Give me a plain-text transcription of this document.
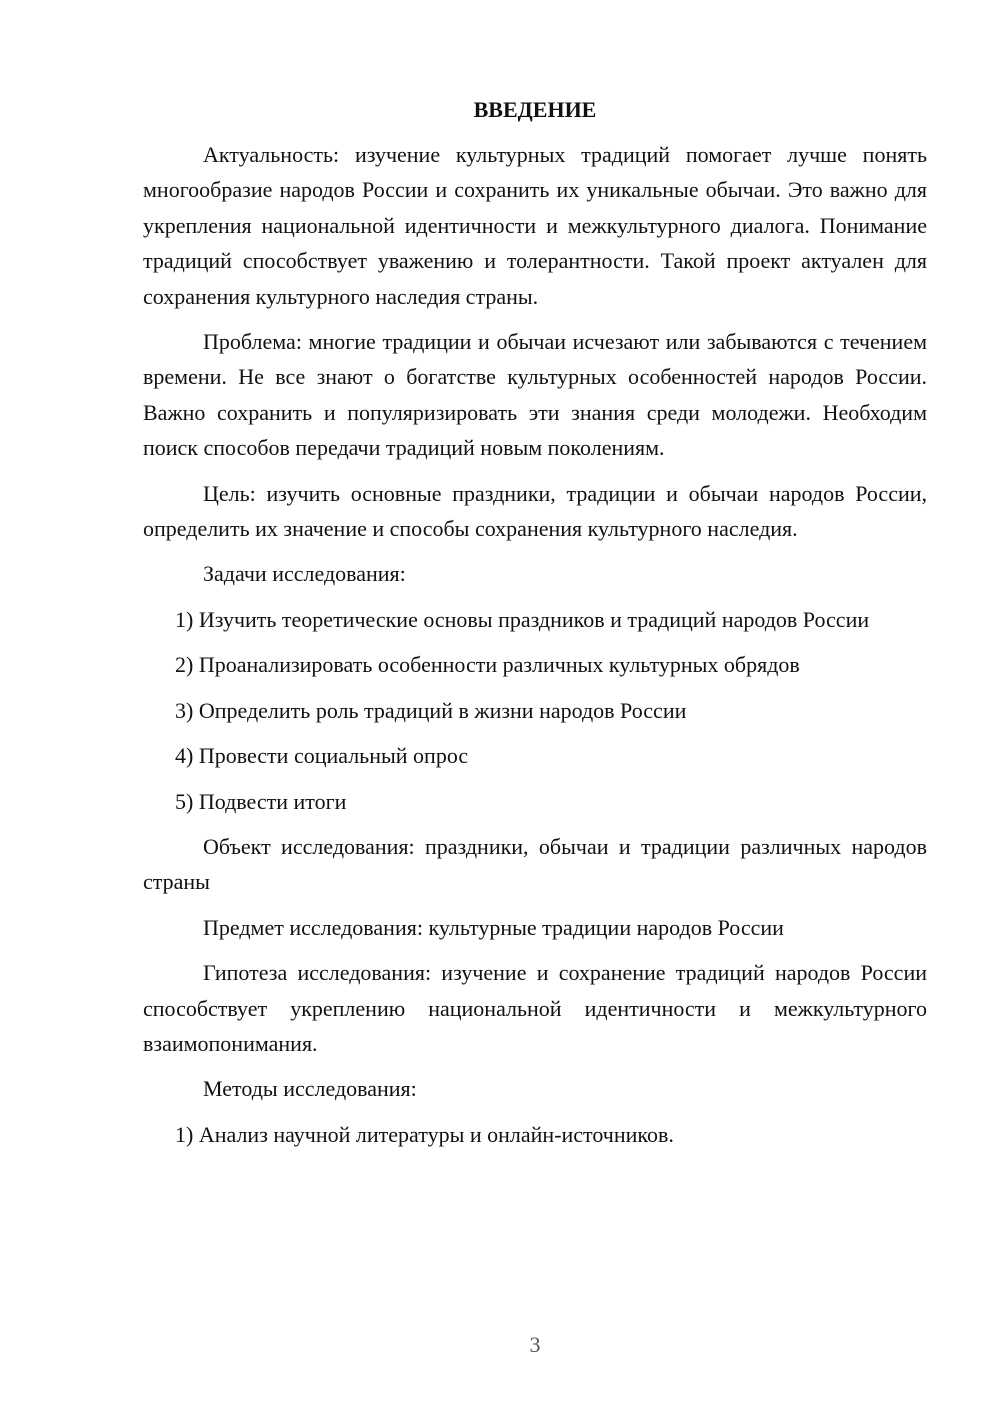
ВВЕДЕНИЕ

Актуальность: изучение культурных традиций помогает лучше понять многообразие народов России и сохранить их уникальные обычаи. Это важно для укрепления национальной идентичности и межкультурного диалога. Понимание традиций способствует уважению и толерантности. Такой проект актуален для сохранения культурного наследия страны.

Проблема: многие традиции и обычаи исчезают или забываются с течением времени. Не все знают о богатстве культурных особенностей народов России. Важно сохранить и популяризировать эти знания среди молодежи. Необходим поиск способов передачи традиций новым поколениям.

Цель: изучить основные праздники, традиции и обычаи народов России, определить их значение и способы сохранения культурного наследия.

Задачи исследования:

1) Изучить теоретические основы праздников и традиций народов России

2) Проанализировать особенности различных культурных обрядов

3) Определить роль традиций в жизни народов России

4) Провести социальный опрос

5) Подвести итоги

Объект исследования: праздники, обычаи и традиции различных народов страны

Предмет исследования: культурные традиции народов России

Гипотеза исследования: изучение и сохранение традиций народов России способствует укреплению национальной идентичности и межкультурного взаимопонимания.

Методы исследования:

1) Анализ научной литературы и онлайн-источников.

3
